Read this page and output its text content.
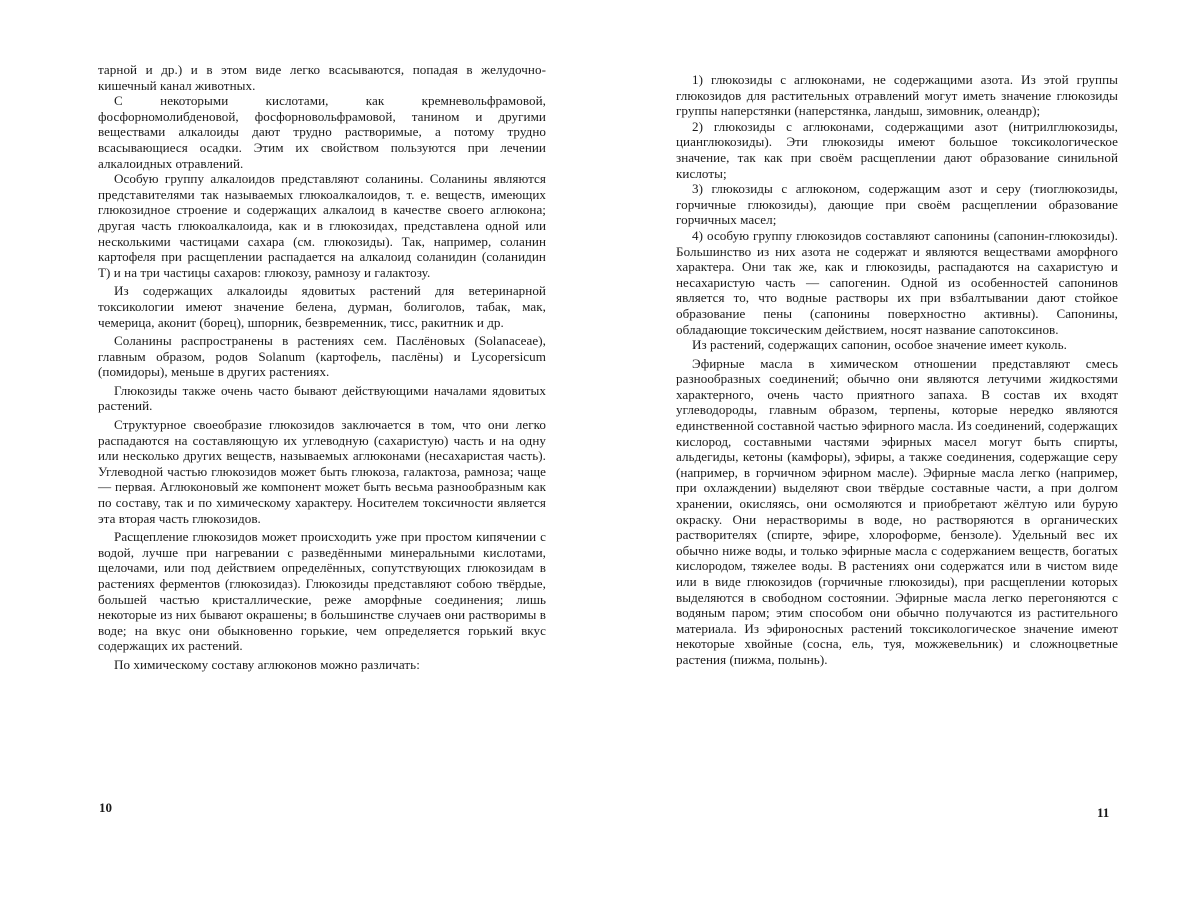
тарной и др.) и в этом виде легко всасываются, попадая в желудочно-кишечный канал животных.

С некоторыми кислотами, как кремневольфрамовой, фосфорномолибденовой, фосфорновольфрамовой, танином и другими веществами алкалоиды дают трудно растворимые, а потому трудно всасывающиеся осадки. Этим их свойством пользуются при лечении алкалоидных отравлений.

Особую группу алкалоидов представляют соланины. Соланины являются представителями так называемых глюкоалкалоидов, т. е. веществ, имеющих глюкозидное строение и содержащих алкалоид в качестве своего аглюкона; другая часть глюкоалкалоида, как и в глюкозидах, представлена одной или несколькими частицами сахара (см. глюкозиды). Так, например, соланин картофеля при расщеплении распадается на алкалоид соланидин (соланидин Т) и на три частицы сахаров: глюкозу, рамнозу и галактозу.

Из содержащих алкалоиды ядовитых растений для ветеринарной токсикологии имеют значение белена, дурман, болиголов, табак, мак, чемерица, аконит (борец), шпорник, безвременник, тисс, ракитник и др.

Соланины распространены в растениях сем. Паслёновых (Solanaceae), главным образом, родов Solanum (картофель, паслёны) и Lycopersicum (помидоры), меньше в других растениях.

Глюкозиды также очень часто бывают действующими началами ядовитых растений.

Структурное своеобразие глюкозидов заключается в том, что они легко распадаются на составляющую их углеводную (сахаристую) часть и на одну или несколько других веществ, называемых аглюконами (несахаристая часть). Углеводной частью глюкозидов может быть глюкоза, галактоза, рамноза; чаще — первая. Аглюконовый же компонент может быть весьма разнообразным как по составу, так и по химическому характеру. Носителем токсичности является эта вторая часть глюкозидов.

Расщепление глюкозидов может происходить уже при простом кипячении с водой, лучше при нагревании с разведёнными минеральными кислотами, щелочами, или под действием определённых, сопутствующих глюкозидам в растениях ферментов (глюкозидаз). Глюкозиды представляют собою твёрдые, большей частью кристаллические, реже аморфные соединения; лишь некоторые из них бывают окрашены; в большинстве случаев они растворимы в воде; на вкус они обыкновенно горькие, чем определяется горький вкус содержащих их растений.

По химическому составу аглюконов можно различать:

10

1) глюкозиды с аглюконами, не содержащими азота. Из этой группы глюкозидов для растительных отравлений могут иметь значение глюкозиды группы наперстянки (наперстянка, ландыш, зимовник, олеандр);

2) глюкозиды с аглюконами, содержащими азот (нитрилглюкозиды, цианглюкозиды). Эти глюкозиды имеют большое токсикологическое значение, так как при своём расщеплении дают образование синильной кислоты;

3) глюкозиды с аглюконом, содержащим азот и серу (тиоглюкозиды, горчичные глюкозиды), дающие при своём расщеплении образование горчичных масел;

4) особую группу глюкозидов составляют сапонины (сапонин-глюкозиды). Большинство из них азота не содержат и являются веществами аморфного характера. Они так же, как и глюкозиды, распадаются на сахаристую и несахаристую часть — сапогенин. Одной из особенностей сапонинов является то, что водные растворы их при взбалтывании дают стойкое образование пены (сапонины поверхностно активны). Сапонины, обладающие токсическим действием, носят название сапотоксинов.

Из растений, содержащих сапонин, особое значение имеет куколь.

Эфирные масла в химическом отношении представляют смесь разнообразных соединений; обычно они являются летучими жидкостями характерного, очень часто приятного запаха. В состав их входят углеводороды, главным образом, терпены, которые нередко являются единственной составной частью эфирного масла. Из соединений, содержащих кислород, составными частями эфирных масел могут быть спирты, альдегиды, кетоны (камфоры), эфиры, а также соединения, содержащие серу (например, в горчичном эфирном масле). Эфирные масла легко (например, при охлаждении) выделяют свои твёрдые составные части, а при долгом хранении, окисляясь, они осмоляются и приобретают жёлтую или бурую окраску. Они нерастворимы в воде, но растворяются в органических растворителях (спирте, эфире, хлороформе, бензоле). Удельный вес их обычно ниже воды, и только эфирные масла с содержанием веществ, богатых кислородом, тяжелее воды. В растениях они содержатся или в чистом виде или в виде глюкозидов (горчичные глюкозиды), при расщеплении которых выделяются в свободном состоянии. Эфирные масла легко перегоняются с водяным паром; этим способом они обычно получаются из растительного материала. Из эфироносных растений токсикологическое значение имеют некоторые хвойные (сосна, ель, туя, можжевельник) и сложноцветные растения (пижма, полынь).

11
